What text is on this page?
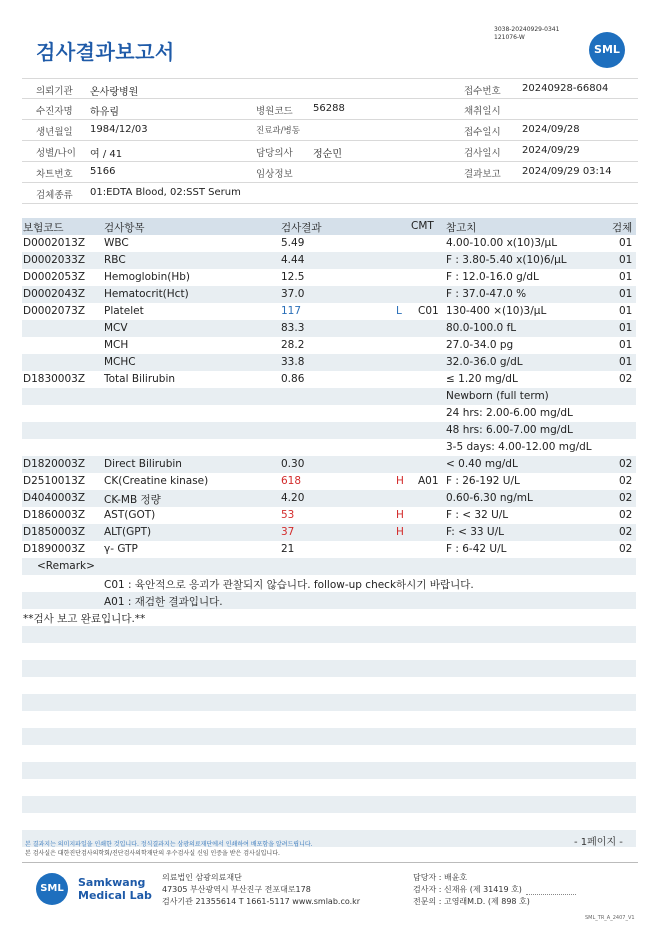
검사결과보고서
3038-20240929-0341
121076-W
SML
의뢰기관 온사랑병원	접수번호 20240928-66804
수진자명 하유림	병원코드 56288	채취일시
생년월일 1984/12/03	진료과/병동	접수일시 2024/09/28
성별/나이 여 / 41	담당의사 정순민	검사일시 2024/09/29
차트번호 5166	임상정보	결과보고 2024/09/29 03:14
검체종류 01:EDTA Blood, 02:SST Serum
보험코드	검사항목	검사결과	CMT 참고치	검체
D0002013Z WBC	5.49	4.00-10.00 x(10)3/μL	01
D0002033Z RBC	4.44	F : 3.80-5.40 x(10)6/μL	01
D0002053Z Hemoglobin(Hb)	12.5	F : 12.0-16.0 g/dL	01
D0002043Z Hematocrit(Hct)	37.0	F : 37.0-47.0 %	01
D0002073Z Platelet	117	L C01 130-400 ×(10)3/μL	01
MCV	83.3	80.0-100.0 fL	01
MCH	28.2	27.0-34.0 pg	01
MCHC	33.8	32.0-36.0 g/dL	01
D1830003Z Total Bilirubin	0.86	≤ 1.20 mg/dL	02
Newborn (full term)
24 hrs: 2.00-6.00 mg/dL
48 hrs: 6.00-7.00 mg/dL
3-5 days: 4.00-12.00 mg/dL
D1820003Z Direct Bilirubin	0.30	< 0.40 mg/dL	02
D2510013Z CK(Creatine kinase)	618	H A01 F : 26-192 U/L	02
D4040003Z CK-MB 정량	4.20	0.60-6.30 ng/mL	02
D1860003Z AST(GOT)	53	H	F : < 32 U/L	02
D1850003Z ALT(GPT)	37	H	F: < 33 U/L	02
D1890003Z γ- GTP	21	F : 6-42 U/L	02
<Remark>
C01 : 육안적으로 응괴가 관찰되지 않습니다. follow-up check하시기 바랍니다.
A01 : 재검한 결과입니다.
**검사 보고 완료입니다.**
본 결과지는 의미지파일을 인쇄한 것입니다. 정식결과지는 삼광의료재단에서 인쇄하여 배포함을 알려드립니다.
본 검사실은 대한진단검사의학회/진단검사의학재단의 우수검사실 신임 인증을 받은 검사실입니다.
- 1페이지 -
SML	Samkwang
Medical Lab
의료법인 삼광의료재단
47305 부산광역시 부산진구 전포대로178
검사기관 21355614 T 1661-5117 www.smlab.co.kr
담당자 : 배윤호
검사자 : 신재유 (제 31419 호)
전문의 : 고영래M.D. (제 898 호)
SML_TR_A_2407_V1
